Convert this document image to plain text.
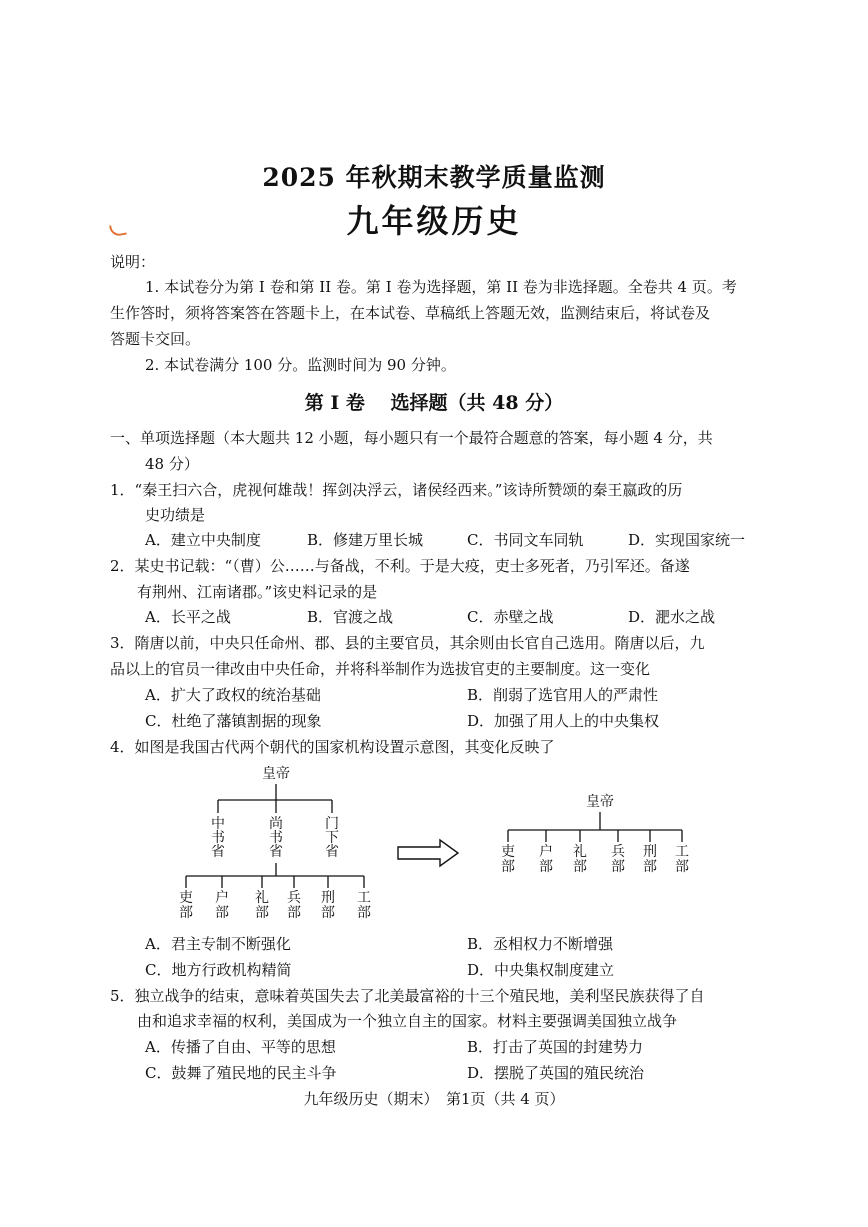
2025 年秋期末教学质量监测
九年级历史
说明：
1. 本试卷分为第 I 卷和第 II 卷。第 I 卷为选择题，第 II 卷为非选择题。全卷共 4 页。考
生作答时，须将答案答在答题卡上，在本试卷、草稿纸上答题无效，监测结束后，将试卷及
答题卡交回。
2. 本试卷满分 100 分。监测时间为 90 分钟。
第 I 卷　 选择题（共 48 分）
一、单项选择题（本大题共 12 小题，每小题只有一个最符合题意的答案，每小题 4 分，共
48 分）
1．“秦王扫六合，虎视何雄哉！挥剑决浮云，诸侯经西来。”该诗所赞颂的秦王嬴政的历
史功绩是
A．建立中央制度	B．修建万里长城	C．书同文车同轨	D．实现国家统一
2．某史书记载：“（曹）公……与备战，不利。于是大疫，吏士多死者，乃引军还。备遂
有荆州、江南诸郡。”该史料记录的是
A．长平之战	B．官渡之战	C．赤壁之战	D．淝水之战
3．隋唐以前，中央只任命州、郡、县的主要官员，其余则由长官自己选用。隋唐以后，九
品以上的官员一律改由中央任命，并将科举制作为选拔官吏的主要制度。这一变化
A．扩大了政权的统治基础	B．削弱了选官用人的严肃性
C．杜绝了藩镇割据的现象	D．加强了用人上的中央集权
4．如图是我国古代两个朝代的国家机构设置示意图，其变化反映了
皇帝
中书省
尚书省
门下省
吏部
户部
礼部
兵部
刑部
工部
皇帝
吏部
户部
礼部
兵部
刑部
工部
A．君主专制不断强化	B．丞相权力不断增强
C．地方行政机构精简	D．中央集权制度建立
5．独立战争的结束，意味着英国失去了北美最富裕的十三个殖民地，美利坚民族获得了自
由和追求幸福的权利，美国成为一个独立自主的国家。材料主要强调美国独立战争
A．传播了自由、平等的思想	B．打击了英国的封建势力
C．鼓舞了殖民地的民主斗争	D．摆脱了英国的殖民统治
九年级历史（期末）　第1页（共 4 页）
